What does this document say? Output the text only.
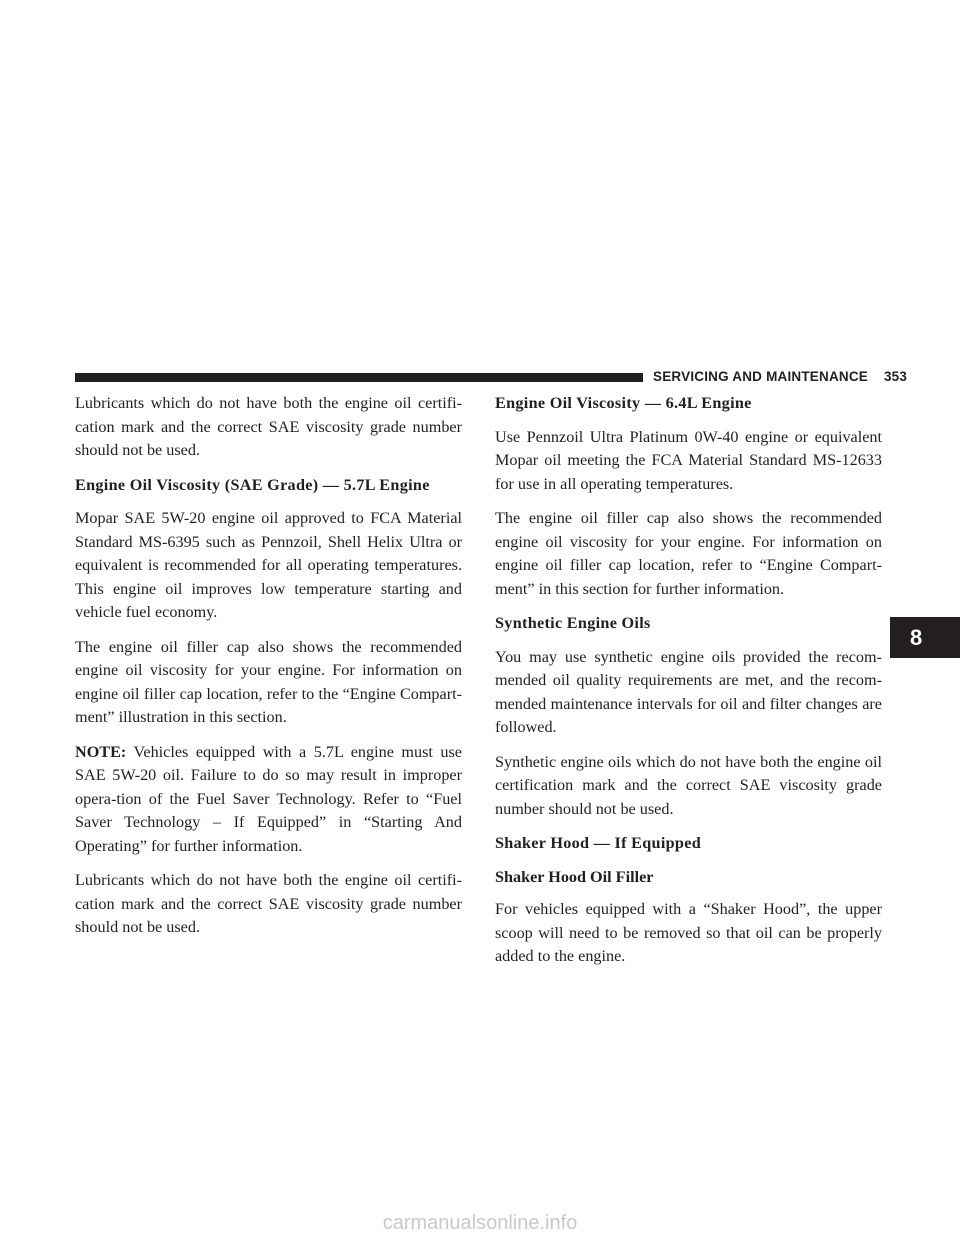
SERVICING AND MAINTENANCE 353

Lubricants which do not have both the engine oil certifi-cation mark and the correct SAE viscosity grade number should not be used.

Engine Oil Viscosity (SAE Grade) — 5.7L Engine

Mopar SAE 5W-20 engine oil approved to FCA Material Standard MS-6395 such as Pennzoil, Shell Helix Ultra or equivalent is recommended for all operating temperatures. This engine oil improves low temperature starting and vehicle fuel economy.

The engine oil filler cap also shows the recommended engine oil viscosity for your engine. For information on engine oil filler cap location, refer to the “Engine Compart-ment” illustration in this section.

NOTE: Vehicles equipped with a 5.7L engine must use SAE 5W-20 oil. Failure to do so may result in improper opera-tion of the Fuel Saver Technology. Refer to “Fuel Saver Technology – If Equipped” in “Starting And Operating” for further information.

Lubricants which do not have both the engine oil certifi-cation mark and the correct SAE viscosity grade number should not be used.

Engine Oil Viscosity — 6.4L Engine

Use Pennzoil Ultra Platinum 0W-40 engine or equivalent Mopar oil meeting the FCA Material Standard MS-12633 for use in all operating temperatures.

The engine oil filler cap also shows the recommended engine oil viscosity for your engine. For information on engine oil filler cap location, refer to “Engine Compart-ment” in this section for further information.

Synthetic Engine Oils

You may use synthetic engine oils provided the recom-mended oil quality requirements are met, and the recom-mended maintenance intervals for oil and filter changes are followed.

Synthetic engine oils which do not have both the engine oil certification mark and the correct SAE viscosity grade number should not be used.

Shaker Hood — If Equipped
Shaker Hood Oil Filler

For vehicles equipped with a “Shaker Hood”, the upper scoop will need to be removed so that oil can be properly added to the engine.

8
carmanualsonline.info
